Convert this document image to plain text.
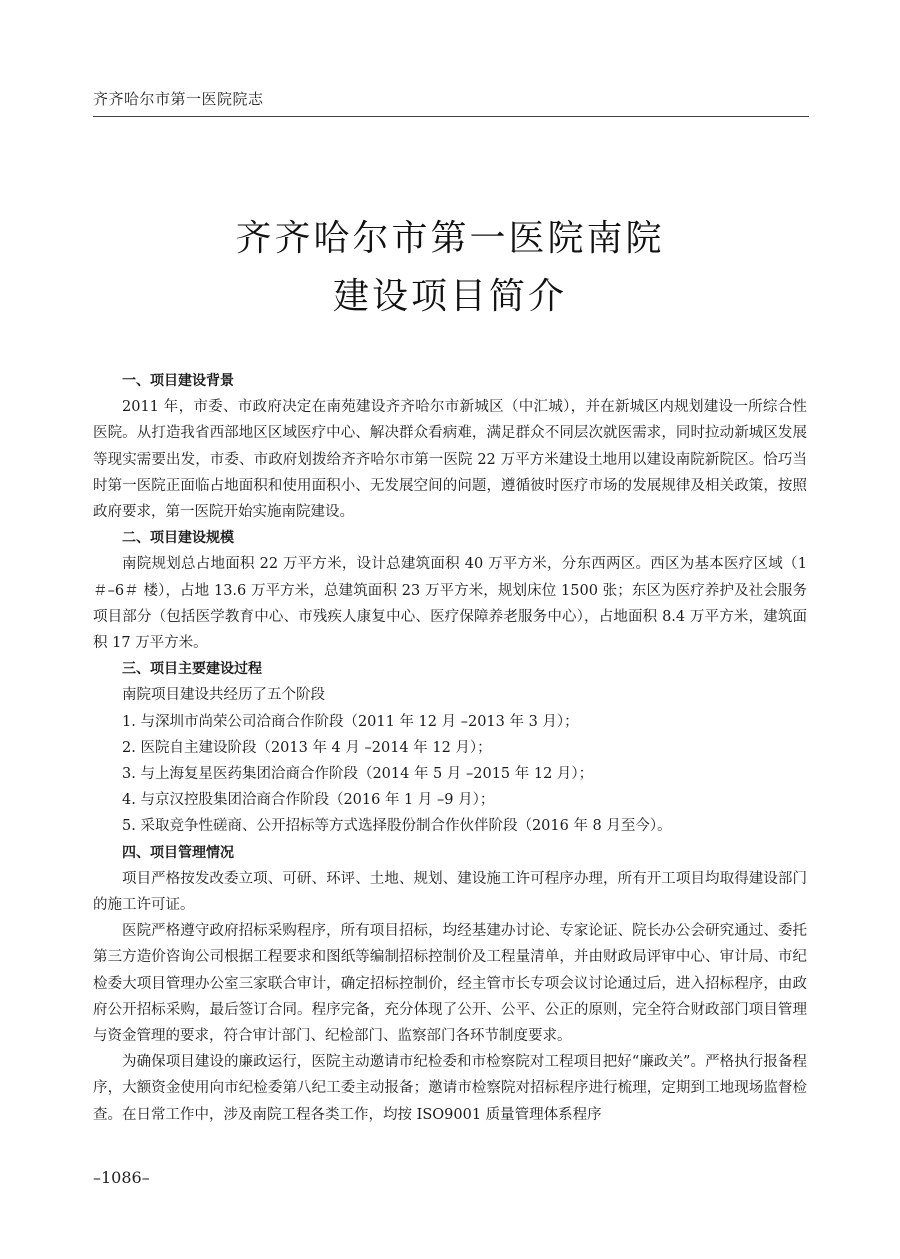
齐齐哈尔市第一医院院志
齐齐哈尔市第一医院南院
建设项目简介

一、项目建设背景

2011 年，市委、市政府决定在南苑建设齐齐哈尔市新城区（中汇城），并在新城区内规划建设一所综合性医院。从打造我省西部地区区域医疗中心、解决群众看病难，满足群众不同层次就医需求，同时拉动新城区发展等现实需要出发，市委、市政府划拨给齐齐哈尔市第一医院 22 万平方米建设土地用以建设南院新院区。恰巧当时第一医院正面临占地面积和使用面积小、无发展空间的问题，遵循彼时医疗市场的发展规律及相关政策，按照政府要求，第一医院开始实施南院建设。

二、项目建设规模

南院规划总占地面积 22 万平方米，设计总建筑面积 40 万平方米，分东西两区。西区为基本医疗区域（1＃–6＃ 楼），占地 13.6 万平方米，总建筑面积 23 万平方米，规划床位 1500 张；东区为医疗养护及社会服务项目部分（包括医学教育中心、市残疾人康复中心、医疗保障养老服务中心），占地面积 8.4 万平方米，建筑面积 17 万平方米。

三、项目主要建设过程

南院项目建设共经历了五个阶段

1. 与深圳市尚荣公司洽商合作阶段（2011 年 12 月 –2013 年 3 月）；

2. 医院自主建设阶段（2013 年 4 月 –2014 年 12 月）；

3. 与上海复星医药集团洽商合作阶段（2014 年 5 月 –2015 年 12 月）；

4. 与京汉控股集团洽商合作阶段（2016 年 1 月 –9 月）；

5. 采取竞争性磋商、公开招标等方式选择股份制合作伙伴阶段（2016 年 8 月至今）。

四、项目管理情况

项目严格按发改委立项、可研、环评、土地、规划、建设施工许可程序办理，所有开工项目均取得建设部门的施工许可证。

医院严格遵守政府招标采购程序，所有项目招标，均经基建办讨论、专家论证、院长办公会研究通过、委托第三方造价咨询公司根据工程要求和图纸等编制招标控制价及工程量清单，并由财政局评审中心、审计局、市纪检委大项目管理办公室三家联合审计，确定招标控制价，经主管市长专项会议讨论通过后，进入招标程序，由政府公开招标采购，最后签订合同。程序完备，充分体现了公开、公平、公正的原则，完全符合财政部门项目管理与资金管理的要求，符合审计部门、纪检部门、监察部门各环节制度要求。

为确保项目建设的廉政运行，医院主动邀请市纪检委和市检察院对工程项目把好“廉政关”。严格执行报备程序，大额资金使用向市纪检委第八纪工委主动报备；邀请市检察院对招标程序进行梳理，定期到工地现场监督检查。在日常工作中，涉及南院工程各类工作，均按 ISO9001 质量管理体系程序

–1086–
